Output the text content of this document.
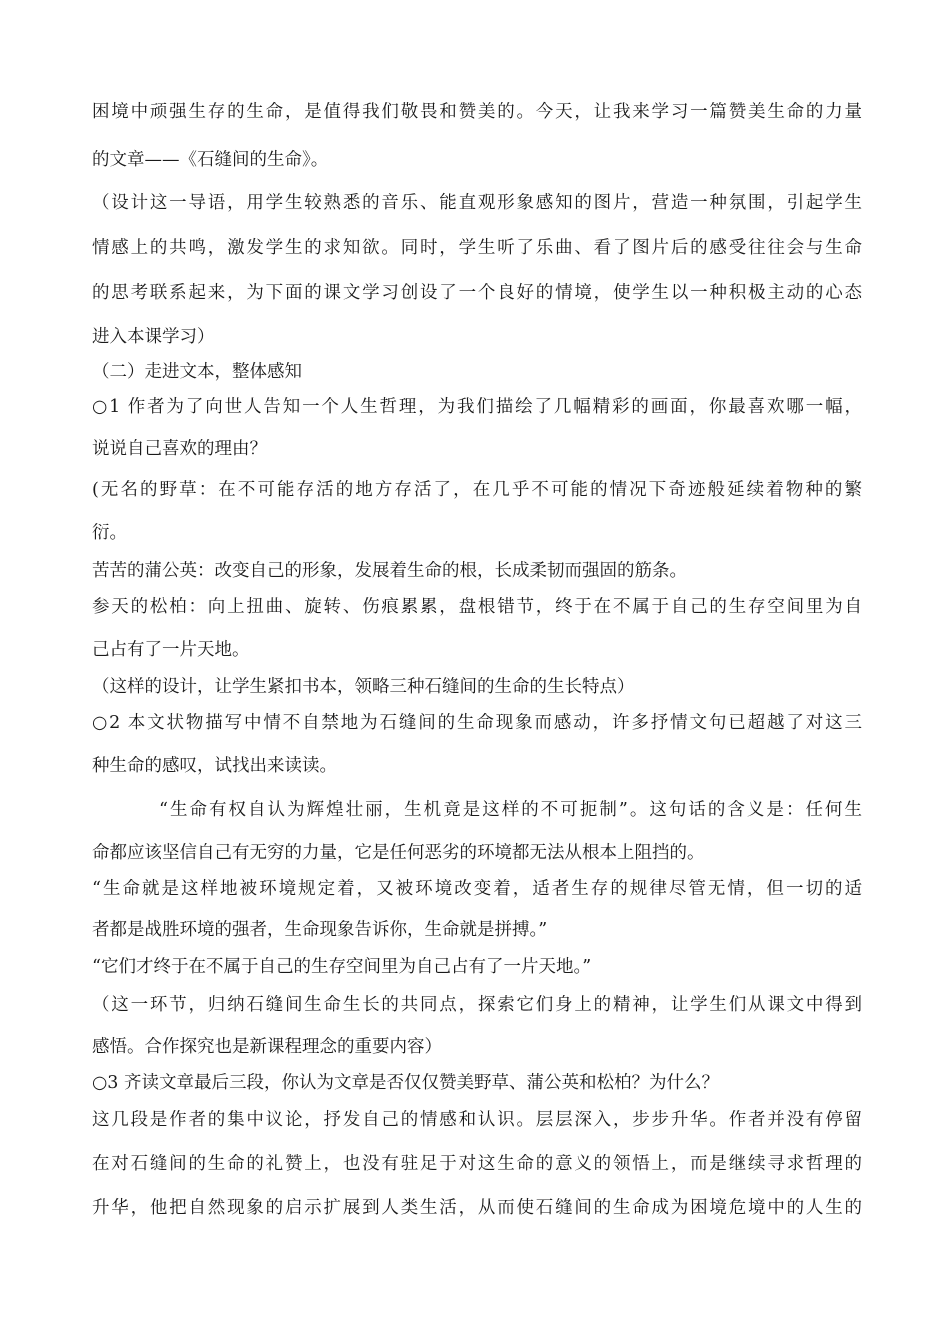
困境中顽强生存的生命，是值得我们敬畏和赞美的。今天，让我来学习一篇赞美生命的力量
的文章——《石缝间的生命》。
（设计这一导语，用学生较熟悉的音乐、能直观形象感知的图片，营造一种氛围，引起学生
情感上的共鸣，激发学生的求知欲。同时，学生听了乐曲、看了图片后的感受往往会与生命
的思考联系起来，为下面的课文学习创设了一个良好的情境，使学生以一种积极主动的心态
进入本课学习）
（二）走进文本，整体感知
○1 作者为了向世人告知一个人生哲理，为我们描绘了几幅精彩的画面，你最喜欢哪一幅，
说说自己喜欢的理由？
(无名的野草：在不可能存活的地方存活了，在几乎不可能的情况下奇迹般延续着物种的繁
衍。
苦苦的蒲公英：改变自己的形象，发展着生命的根，长成柔韧而强固的筋条。
参天的松柏：向上扭曲、旋转、伤痕累累，盘根错节，终于在不属于自己的生存空间里为自
己占有了一片天地。
（这样的设计，让学生紧扣书本，领略三种石缝间的生命的生长特点）
○2 本文状物描写中情不自禁地为石缝间的生命现象而感动，许多抒情文句已超越了对这三
种生命的感叹，试找出来读读。
“生命有权自认为辉煌壮丽，生机竟是这样的不可扼制”。这句话的含义是：任何生
命都应该坚信自己有无穷的力量，它是任何恶劣的环境都无法从根本上阻挡的。
“生命就是这样地被环境规定着，又被环境改变着，适者生存的规律尽管无情，但一切的适
者都是战胜环境的强者，生命现象告诉你，生命就是拼搏。”
“它们才终于在不属于自己的生存空间里为自己占有了一片天地。”
（这一环节，归纳石缝间生命生长的共同点，探索它们身上的精神，让学生们从课文中得到
感悟。合作探究也是新课程理念的重要内容）
○3 齐读文章最后三段，你认为文章是否仅仅赞美野草、蒲公英和松柏？为什么？
这几段是作者的集中议论，抒发自己的情感和认识。层层深入，步步升华。作者并没有停留
在对石缝间的生命的礼赞上，也没有驻足于对这生命的意义的领悟上，而是继续寻求哲理的
升华，他把自然现象的启示扩展到人类生活，从而使石缝间的生命成为困境危境中的人生的
